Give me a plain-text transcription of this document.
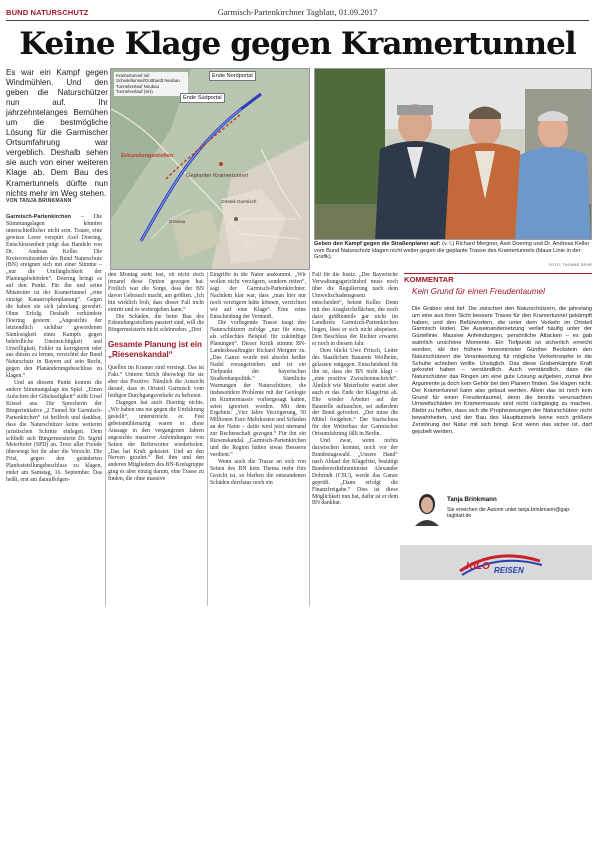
BUND NATURSCHUTZ	Garmisch-Partenkirchner Tagblatt, 01.09.2017
Keine Klage gegen Kramertunnel
Es war ein Kampf gegen Windmühlen. Und den geben die Naturschützer nun auf. Ihr jahrzehntelanges Bemühen um die bestmögliche Lösung für die Garmischer Ortsumfahrung war vergeblich. Deshalb sehen sie auch von einer weiteren Klage ab. Dem Bau des Kramertunnels dürfte nun nichts mehr im Weg stehen.
VON TANJA BRINKMANN
Kramertunnel mit Scheiteltunnel/Gotthardt Neubau Tunnelverlauf Neubau Tunnelverlauf (SH)
Ende Nordportal
Ende Südportal
Geplanter Kramertunnel
Erkundungsstollen
Grainau
Ortsteil Garmisch
Geben den Kampf gegen die Straßenplaner auf: (v. l.) Richard Mergner, Axel Doering und Dr. Andreas Keller vom Bund Naturschutz klagen nicht weiter gegen die geplante Trasse des Kramertunnels (blaue Linie in der Grafik).
FOTO: THOMAS SEHR

Garmisch-Partenkirchen – Die Stimmungslagen könnten unterschiedlicher nicht sein. Trauer, eine gewisse Leere verspürt Axel Doering. Entschlossenheit prägt das Handeln von Dr. Andreas Keller. Die Kreisvorsitzenden des Bund Naturschutz (BN) ereignen sich mit einer Stimme – „nur die Umfänglichkeit der Planungsbehörden“. Doering bringt es auf den Punkt. Für ihn und seine Mitstreiter ist der Kramertunnel „eine einzige Katastrophenplanung“. Gegen die haben sie sich jahrelang gewehrt. Ohne Erfolg. Deshalb verkündete Doering gestern: „Angesichts der letztendlich sichtbar gewordenen Sinnlosigkeit eines Kampfs gegen behördliche Uneinsichtigkeit und Unwilligkeit, Fehler zu korrigieren oder aus diesen zu lernen, verzichtet der Bund Naturschutz in Bayern auf sein Recht, gegen den Planänderungsbeschluss zu klagen.“

Und an diesem Punkt kommt die andere Stimmungslage ins Spiel. „Einen Aufschrei der Glückseligkeit“ stößt Ursel Kössel aus. Die Sprecherin der Bürgerinitiative „2 Tunnel für Garmisch-Partenkirchen“ ist heilfroh und dankbar, dass die Naturschützer keine weiteren juristischen Schritte einlegen. Dem schließt sich Bürgermeisterin Dr. Sigrid Meierhofer (SPD) an. Trotz aller Freude überwiegt bei ihr aber die Vorsicht. Die Frist, gegen den geänderten Planfeststellungsbeschluss zu klagen, endet am Samstag, 16. September. Das heißt, erst am darauffolgen-

den Montag steht fest, ob nicht doch jemand diese Option gezogen hat. Freilich war die Sorge, dass der BN davon Gebrauch macht, am größten. „Ich bin wirklich froh, dass dieser Fall nicht eintritt und es weitergehen kann.“

Die Schäden, die beim Bau des Erkundungsstollens passiert sind, will die Bürgermeisterin nicht schönreden. „Drei

Gesamte Planung ist ein „Riesenskandal“

Quellen im Kramer sind versiegt. Das ist Fakt.“ Unterm Strich überwiegt für sie aber das Positive. Nämlich die Aussicht darauf, dass in Ortsteil Garmisch vom leidigen Durchgangsverkehr zu befreien.

Dagegen hat auch Doering nichts. „Wir haben uns nie gegen die Umfahrung gestellt“, unterstreicht er. Fest gebetsmühlenartig waren er diese Aussage in den vergangenen Jahren angesichts massiver Anfeindungen von Seiten der Befürworter wiederholen. „Das hat Kraft gekostet. Und an den Nerven gezehrt.“ Bei ihm und den anderen Mitgliedern des BN-Kreisgruppe ging es aber einzig darum, eine Trasse zu finden, die ohne massive

Eingriffe in die Natur auskommt. „Wir wollen nicht verzögern, sondern retten“, sagt der Garmisch-Partenkirchner. Nachdem klar war, dass „man hier nur noch verzögern hätte können, verzichten wir auf eine Klage“. Eine reine Entscheidung der Vernunft.

Die vorliegende Trasse taugt den Naturschützern zufolge „nur für eines, als schlechtes Beispiel für zukünftige Planungen“. Dieser Kritik stimmt BN-Landesbeauftragter Richard Mergner zu. „Das Ganze wurde mit absolut heißer Nadel vorangetrieben und ist ein Tiefpunkt der bayerischen Straßenbaupolitik.“ Sämtliche Warnungen der Naturschützer, die insbesondere Probleme mit der Geologie im Kramermassiv vorhergesagt hatten, seien ignoriert worden. Mit dem Ergebnis: „Vier Jahre Verzögerung, 50 Millionen Euro Mehrkosten und Schäden an der Natur – dafür wird jetzt niemand zur Rechenschaft gezogen.“ Für ihn ein Riesenskandal. „Garmisch-Partenkirchen und die Region hätten etwas Besseres verdient.“

Wenn auch die Trasse an sich von Seiten des BN kein Thema mehr fürs Gericht ist, so bleiben die entstandenen Schäden durchaus noch ein

Fall für die Justiz. „Der Bayerische Verwaltungsgerichtshof muss noch über die Regulierung nach dem Umweltschadensgesetz entscheiden“, betont Keller. Denn mit den Ausgleichsflächen, die noch dazu größtenteils gar nicht im Landkreis Garmisch-Partenkirchen liegen, lässt er sich nicht abspeisen. Den Beschluss der Richter erwartet er noch in diesem Jahr.

Dem blickt Uwe Fritsch, Leiter des Staatlichen Bauamts Weilheim, gelassen entgegen. Entscheidend für ihn ist, dass der BN nicht klagt – „eine positive Zwischennachricht“. Ähnlich wie Meierhofer wartet aber auch er das Ende der Klagefrist ab. Ehe wieder Arbeiter auf der Baustelle auftauchen, sei außerdem der Bund gefordert. „Der muss die Mittel freigeben.“ Der Startschuss für den Weiterbau der Garmischer Ortsumfahrung fällt in Berlin.

Und zwar, wenn nichts dazwischen kommt, noch vor der Bundestagswahl. „Unsere Hand“ nach Ablauf der Klagefrist, bestätigt Bundesverkehrsminister Alexander Dobrindt (CSU), werde das Ganze geprüft. „Dann erfolgt die Finanzfreigabe.“ Dies ist diese Möglichkeit nun hat, dafür ist er dem BN dankbar.

KOMMENTAR
Kein Grund für einen Freudentaumel
Die Gräben sind tief. Die zwischen den Naturschützern, die jahrelang um eine aus ihrer Sicht bessere Trasse für den Kramertunnel gekämpft haben, und den Befürwortern, die unter dem Verkehr im Ortsteil Garmisch leiden. Die Auseinandersetzung verlief häufig unter der Gürtellinie. Massive Anfeindungen, persönliche Attacken – es gab wahrlich unschöne Momente. Ein Tiefpunkt ist sicherlich erreicht worden, als der frühere Innenminister Günther Beckstein den Naturschützern die Verantwortung für mögliche Verkehrsopfer in die Schuhe schieben wollte. Unsäglich. Das diese Grabenkämpfe Kraft gekostet haben – verständlich. Auch verständlich, dass die Naturschützer das Ringen um eine gute Lösung aufgeben, zumal ihre Argumente ja doch kein Gehör bei den Planern finden. Sie klagen nicht. Der Kramertunnel kann also gebaut werden. Allein das ist noch kein Grund für einen Freudentaumel, denn die bereits verursachten Umweltschäden im Kramermassiv sind nicht rückgängig zu machen. Bleibt zu hoffen, dass sich die Prophezeiungen der Naturschützer nicht bewahrheiten, und der Bau des Haupttunnels keine noch größere Zerstörung der Natur mit sich bringt. Erst wenn das sicher ist, darf gejubelt werden.
Tanja Brinkmann
Sie erreichen die Autorin unter tanja.brinkmann@gap-tagblatt.de
KILO REISEN
